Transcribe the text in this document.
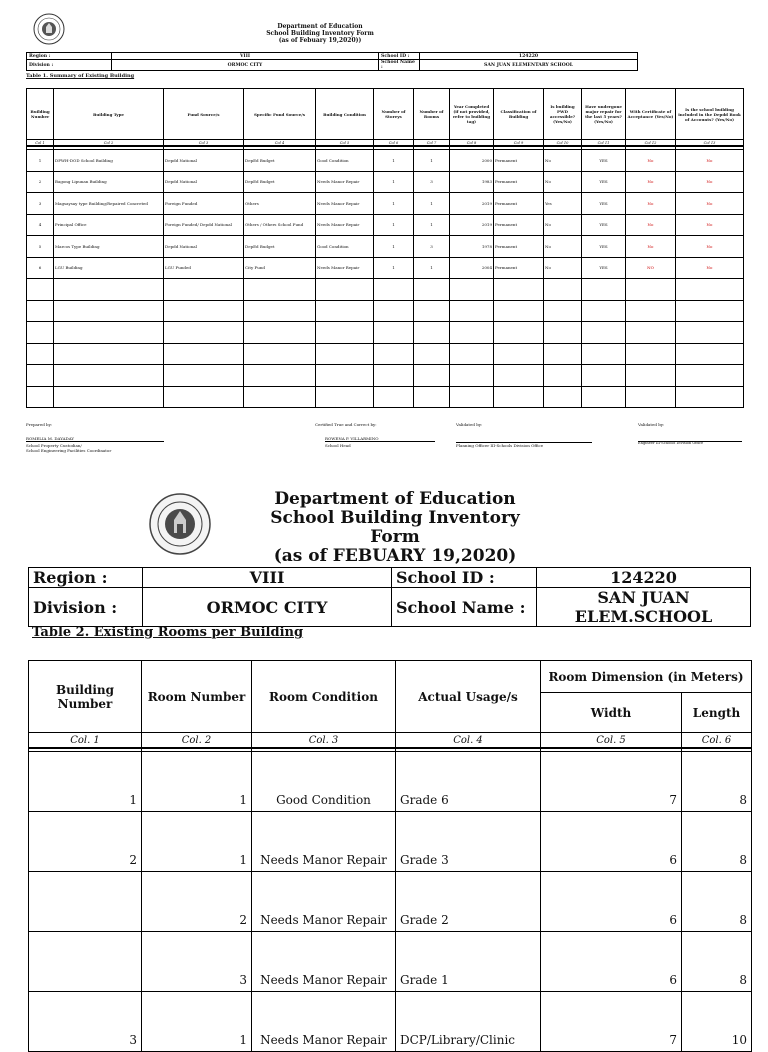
Department of Education
School Building Inventory Form
(as of Febuary 19,2020))
Region :	VIII	School ID :	124220
Division :	ORMOC CITY	School Name :	SAN JUAN ELEMENTARY SCHOOL
Table 1. Summary of Existing Building
Building Number	Building Type	Fund Source/s	Specific Fund Source/s	Building Condition	Number of Storeys	Number of Rooms	Year Completed (if not provided, refer to building tag)	Classification of Building	Is building PWD accessible? (Yes/No)	Have undergone major repair for the last 5 years? (Yes/No)	With Certificate of Acceptance (Yes/No)	Is the school building included in the Depdd Book of Accounts? (Yes/No)
Col 1	Col 2	Col 3	Col 4	Col 5	Col 6	Col 7	Col 8	Col 9	Col 10	Col 11	Col 12	Col 13

1	DPWH-DOD School Building	Depdd National	DepEd Budget	Good Condition	1	1	2000	Permanent	No	YES	No	No
2	Bagong Lipunan Building	Depdd National	DepEd Budget	Needs Manor Repair	1	3	1983	Permanent	No	YES	No	No
3	Magsaysay type Building/Repaired Concreted	Foreign Funded	Others	Needs Manor Repair	1	1	2019	Permanent	Yes	YES	No	No
4	Principal Office	Foreign Funded/ Depdd National	Others / Others School Fund	Needs Manor Repair	1	1	2019	Permanent	No	YES	No	No
5	Marcos Type Building	Depdd National	DepEd Budget	Good Condition	1	3	1978	Permanent	No	YES	No	No
6	LGU Building	LGU Funded	City Fund	Needs Manor Repair	1	1	2004	Permanent	No	YES	NO	No

Prepared by:
ROMELIA M. DAYADAY
School Property Custodian/
School Engineering Facilities Coordinator
Certified True and Correct by:
ROWENA P. VILLARMINO
School Head
Validated by:
Planning Officer III-Schools Division Office
Validated by:
Engineer III-Schools Division Office
Department of Education
School Building Inventory Form
(as of FEBUARY 19,2020)
Region :	VIII	School ID :	124220
Division :	ORMOC CITY	School Name :	SAN JUAN ELEM.SCHOOL
Table 2. Existing Rooms per Building
Building Number	Room Number	Room Condition	Actual Usage/s	Room Dimension (in Meters)	
				Width	Length
Col. 1	Col. 2	Col. 3	Col. 4	Col. 5	Col. 6

1	1	Good Condition	Grade 6	7	8
2	1	Needs Manor Repair	Grade 3	6	8
	2	Needs Manor Repair	Grade 2	6	8
	3	Needs Manor Repair	Grade 1	6	8
3	1	Needs Manor Repair	DCP/Library/Clinic	7	10
